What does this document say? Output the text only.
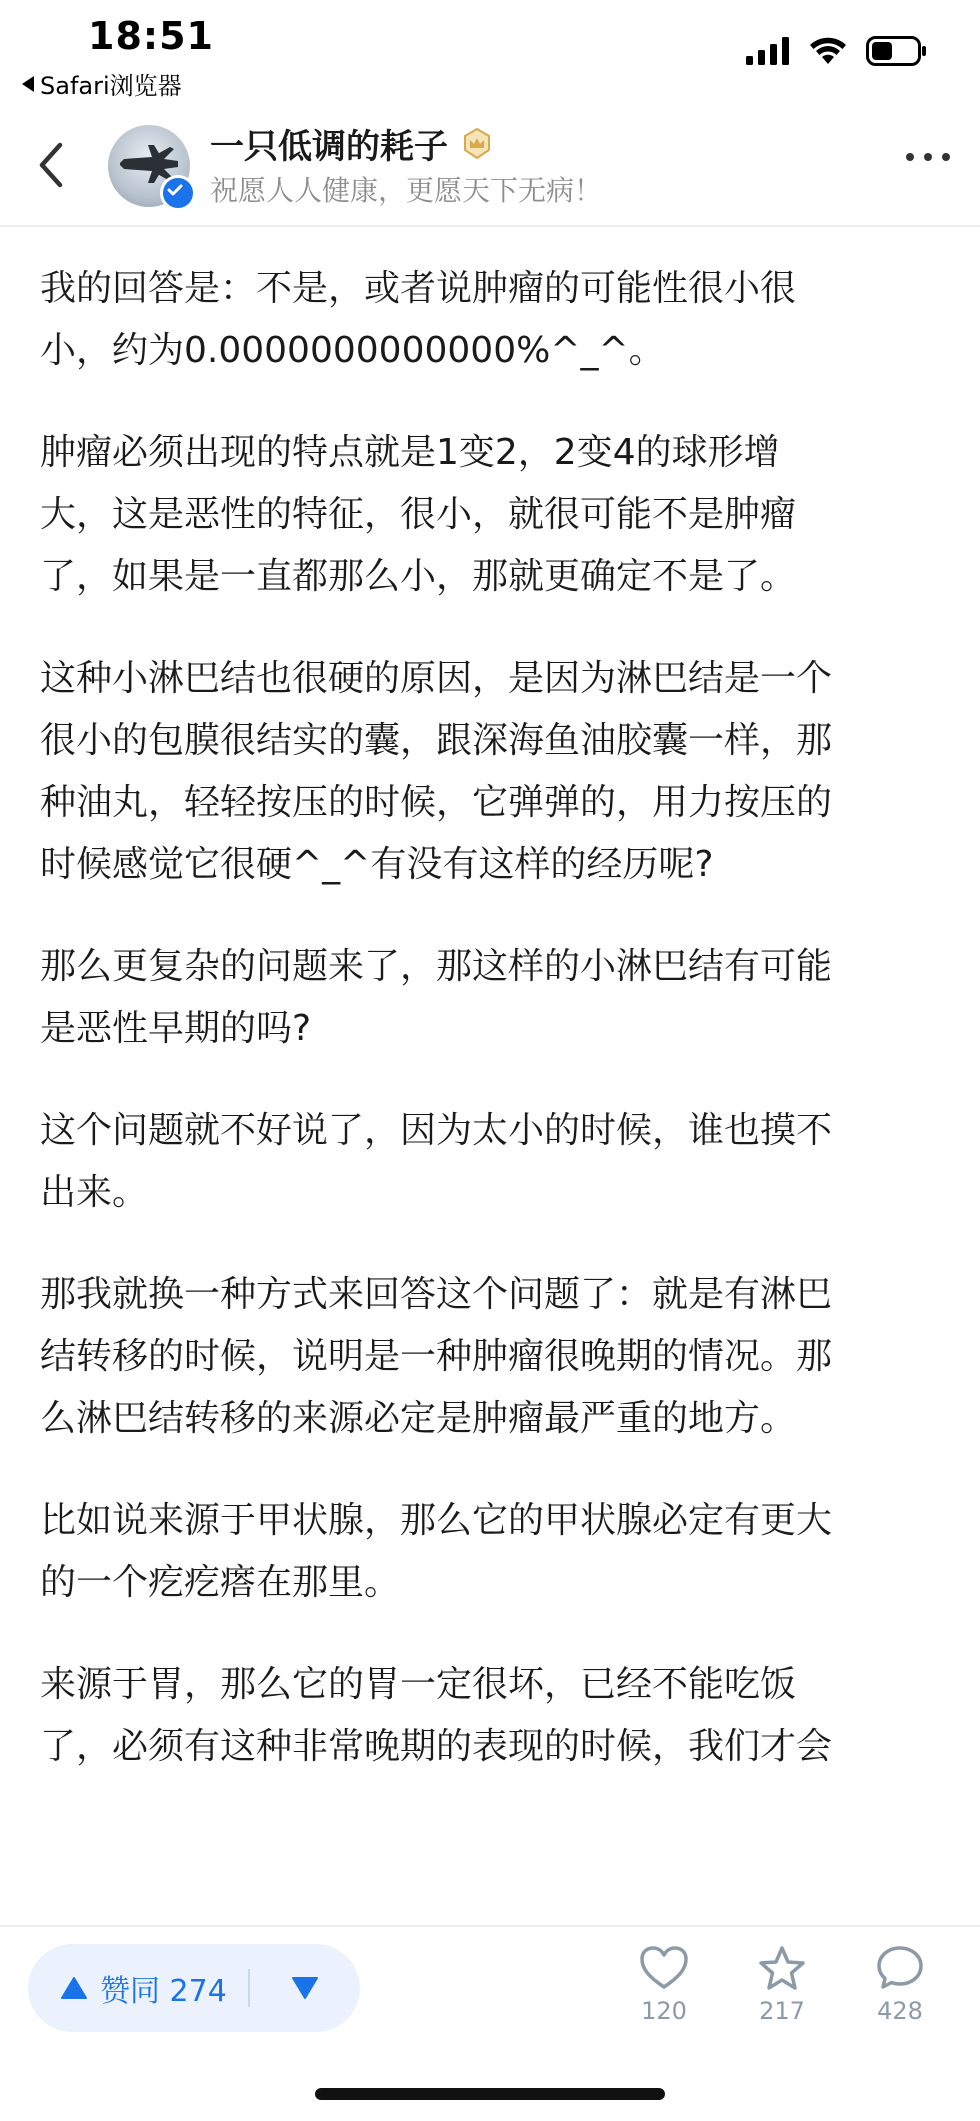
18:51
Safari浏览器
一只低调的耗子
祝愿人人健康，更愿天下无病！

我的回答是：不是，或者说肿瘤的可能性很小很
小，约为0.0000000000000%^_^。

肿瘤必须出现的特点就是1变2，2变4的球形增
大，这是恶性的特征，很小，就很可能不是肿瘤
了，如果是一直都那么小，那就更确定不是了。

这种小淋巴结也很硬的原因，是因为淋巴结是一个
很小的包膜很结实的囊，跟深海鱼油胶囊一样，那
种油丸，轻轻按压的时候，它弹弹的，用力按压的
时候感觉它很硬^_^有没有这样的经历呢?

那么更复杂的问题来了，那这样的小淋巴结有可能
是恶性早期的吗?

这个问题就不好说了，因为太小的时候，谁也摸不
出来。

那我就换一种方式来回答这个问题了：就是有淋巴
结转移的时候，说明是一种肿瘤很晚期的情况。那
么淋巴结转移的来源必定是肿瘤最严重的地方。

比如说来源于甲状腺，那么它的甲状腺必定有更大
的一个疙疙瘩在那里。

来源于胃，那么它的胃一定很坏，已经不能吃饭
了，必须有这种非常晚期的表现的时候，我们才会

赞同 274
120	217	428
